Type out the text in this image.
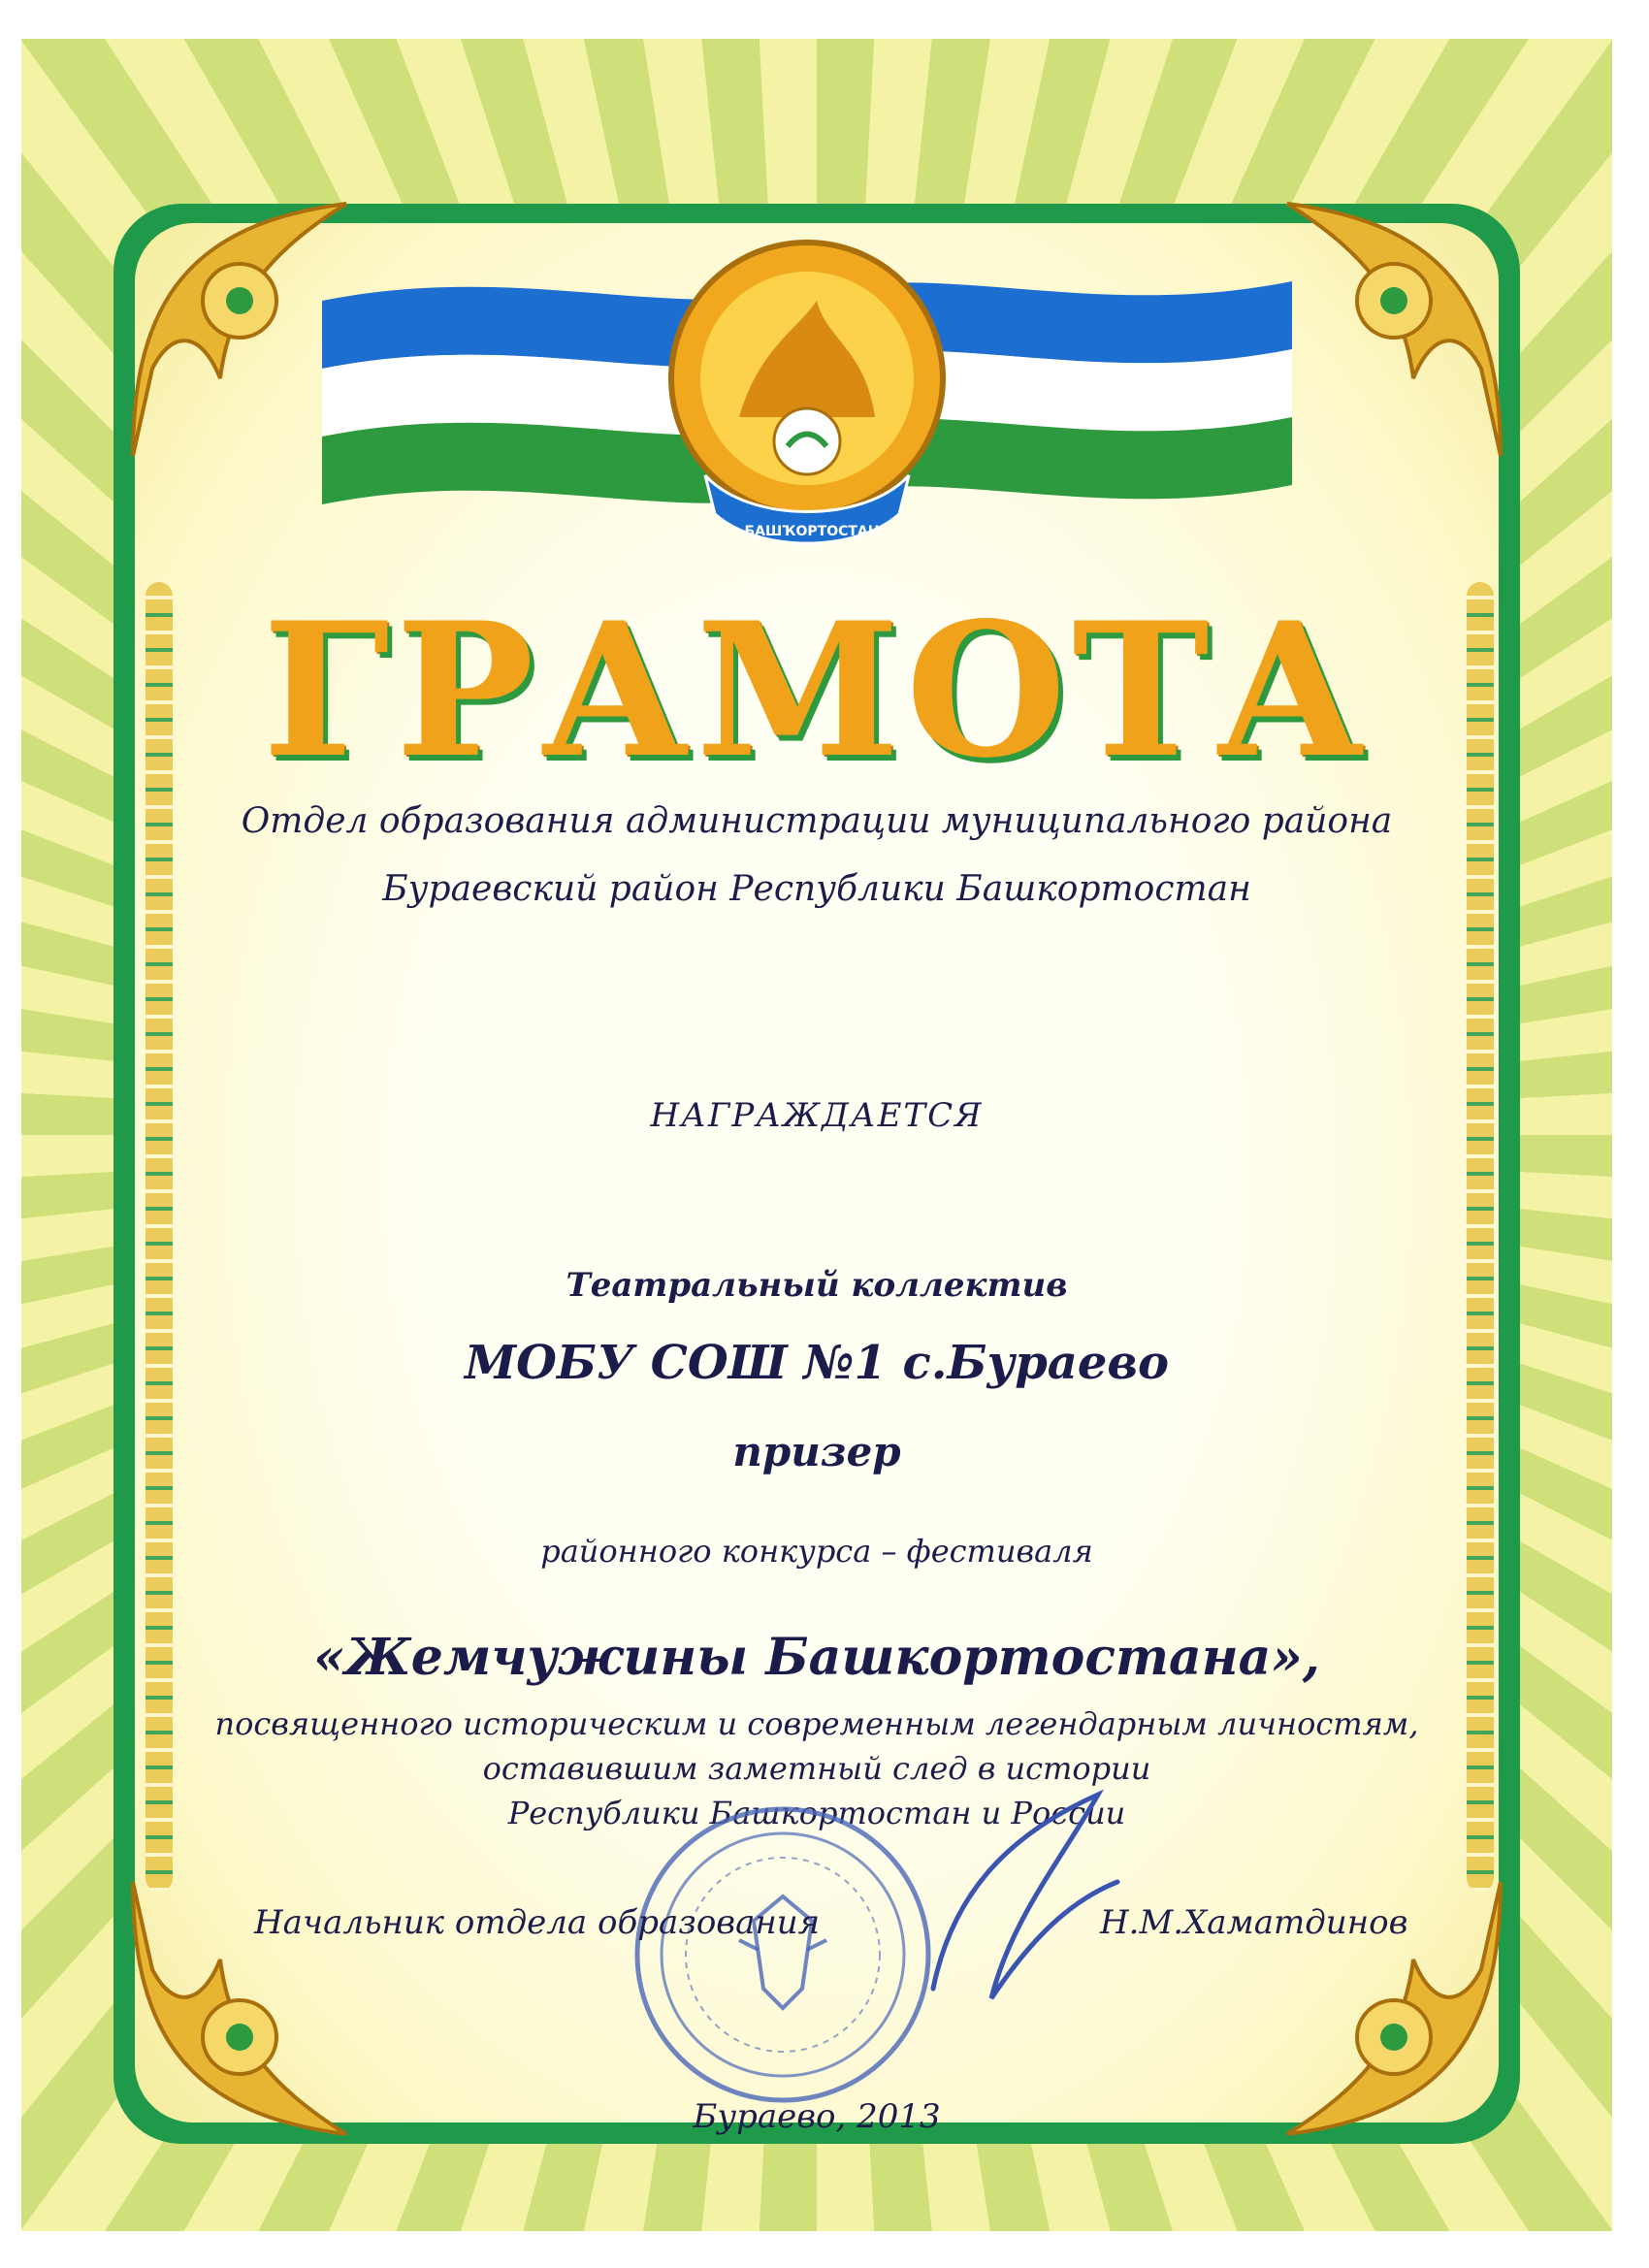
БАШҠОРТОСТАН
ГРАМОТА

Отдел образования администрации муниципального района

Бураевский район Республики Башкортостан

НАГРАЖДАЕТСЯ

Театральный коллектив

МОБУ СОШ №1 с.Бураево

призер

районного конкурса – фестиваля

«Жемчужины Башкортостана»,

посвященного историческим и современным легендарным личностям,

оставившим заметный след в истории

Республики Башкортостан и России

Начальник отдела образования	Н.М.Хаматдинов

Бураево, 2013
